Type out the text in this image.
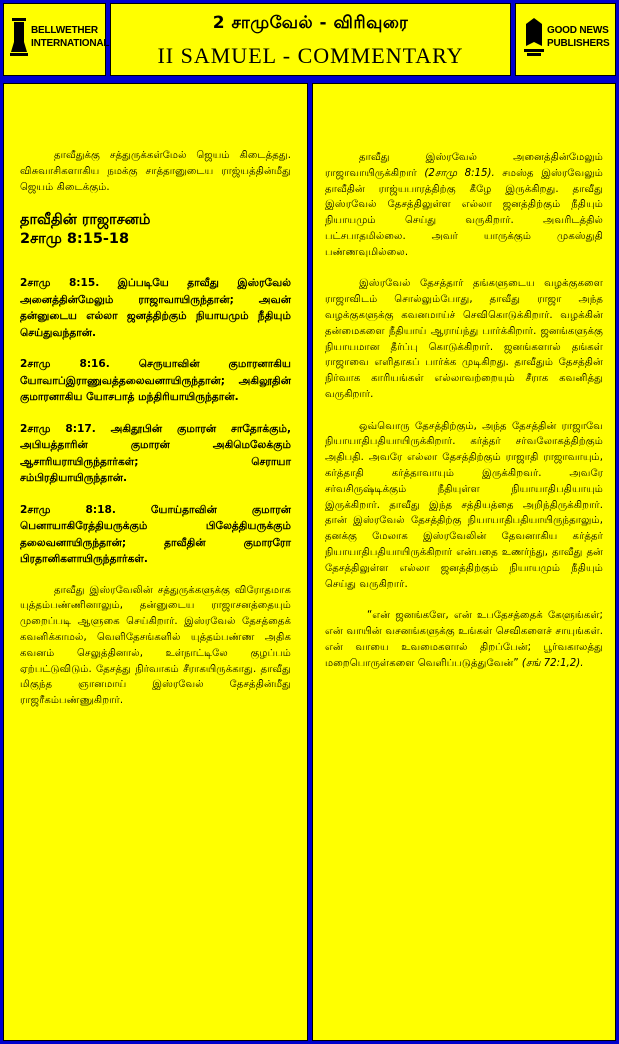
BELLWETHER
INTERNATIONAL
2 சாமுவேல் - விரிவுரை
II SAMUEL - COMMENTARY
GOOD NEWS
PUBLISHERS

தாவீதுக்கு சத்துருக்கள்மேல் ஜெயம் கிடைத்தது. விசுவாசிகளாகிய நமக்கு சாத்தானுடைய ராஜ்யத்தின்மீது ஜெயம் கிடைக்கும்.

தாவீதின் ராஜாசனம்
2சாமு 8:15-18

2சாமு 8:15. இப்படியே தாவீது இஸ்ரவேல் அனைத்தின்மேலும் ராஜாவாயிருந்தான்; அவன் தன்னுடைய எல்லா ஜனத்திற்கும் நியாயமும் நீதியும் செய்துவந்தான்.

2சாமு 8:16. செருயாவின் குமாரனாகிய யோவாப்இராணுவத்தலைவனாயிருந்தான்; அகிலூதின் குமாரனாகிய யோசபாத் மந்திரியாயிருந்தான்.

2சாமு 8:17. அகிதூபின் குமாரன் சாதோக்கும், அபியத்தாரின் குமாரன் அகிமெலேக்கும் ஆசாரியராயிருந்தார்கள்; செராயா சம்பிரதியாயிருந்தான்.

2சாமு 8:18. யோய்தாவின் குமாரன் பெனாயாகிரேத்தியருக்கும் பிலேத்தியருக்கும் தலைவனாயிருந்தான்; தாவீதின் குமாரரோ பிரதானிகளாயிருந்தார்கள்.

தாவீது இஸ்ரவேலின் சத்துருக்களுக்கு விரோதமாக யுத்தம்பண்ணினாலும், தன்னுடைய ராஜாசனத்தையும் முறைப்படி ஆளுகை செய்கிறார். இஸ்ரவேல் தேசத்தைக் கவனிக்காமல், வெளிதேசங்களில் யுத்தம்பண்ண அதிக கவனம் செலுத்தினால், உள்நாட்டிலே குழப்பம் ஏற்பட்டுவிடும். தேசத்து நிர்வாகம் சீராகயிருக்காது. தாவீது மிகுந்த ஞானமாய் இஸ்ரவேல் தேசத்தின்மீது ராஜரீகம்பண்ணுகிறார்.

தாவீது இஸ்ரவேல் அனைத்தின்மேலும் ராஜாவாயிருக்கிறார் (2சாமு 8:15). சமஸ்த இஸ்ரவேலும் தாவீதின் ராஜ்யபாரத்திற்கு கீழே இருக்கிறது. தாவீது இஸ்ரவேல் தேசத்திலுள்ள எல்லா ஜனத்திற்கும் நீதியும் நியாயமும் செய்து வருகிறார். அவரிடத்தில் பட்சபாதமில்லை. அவர் யாருக்கும் முகஸ்துதி பண்ணவுமில்லை.

இஸ்ரவேல் தேசத்தார் தங்களுடைய வழக்குகளை ராஜாவிடம் சொல்லும்போது, தாவீது ராஜா அந்த வழக்குகளுக்கு கவனமாய்ச் செவிகொடுக்கிறார். வழக்கின் தன்மைகளை நீதியாய் ஆராய்ந்து பார்க்கிறார். ஜனங்களுக்கு நியாயமான தீர்ப்பு கொடுக்கிறார். ஜனங்களால் தங்கள் ராஜாவை எளிதாகப் பார்க்க முடிகிறது. தாவீதும் தேசத்தின் நிர்வாக காரியங்கள் எல்லாவற்றையும் சீராக கவனித்து வருகிறார்.

ஒவ்வொரு தேசத்திற்கும், அந்த தேசத்தின் ராஜாவே நியாயாதிபதியாயிருக்கிறார். கர்த்தர் சர்வலோகத்திற்கும் அதிபதி. அவரே எல்லா தேசத்திற்கும் ராஜாதி ராஜாவாயும், கர்த்தாதி கர்த்தாவாயும் இருக்கிறவர். அவரே சர்வசிருஷ்டிக்கும் நீதியுள்ள நியாயாதிபதியாயும் இருக்கிறார். தாவீது இந்த சத்தியத்தை அறிந்திருக்கிறார். தான் இஸ்ரவேல் தேசத்திற்கு நியாயாதிபதியாயிருந்தாலும், தனக்கு மேலாக இஸ்ரவேலின் தேவனாகிய கர்த்தர் நியாயாதிபதியாயிருக்கிறார் என்பதை உணர்ந்து, தாவீது தன் தேசத்திலுள்ள எல்லா ஜனத்திற்கும் நியாயமும் நீதியும் செய்து வருகிறார்.

“என் ஜனங்களே, என் உபதேசத்தைக் கேளுங்கள்; என் வாயின் வசனங்களுக்கு உங்கள் செவிகளைச் சாயுங்கள். என் வாயை உவமைகளால் திறப்பேன்; பூர்வகாலத்து மறைபொருள்களை வெளிப்படுத்துவேன்” (சங் 72:1,2).
